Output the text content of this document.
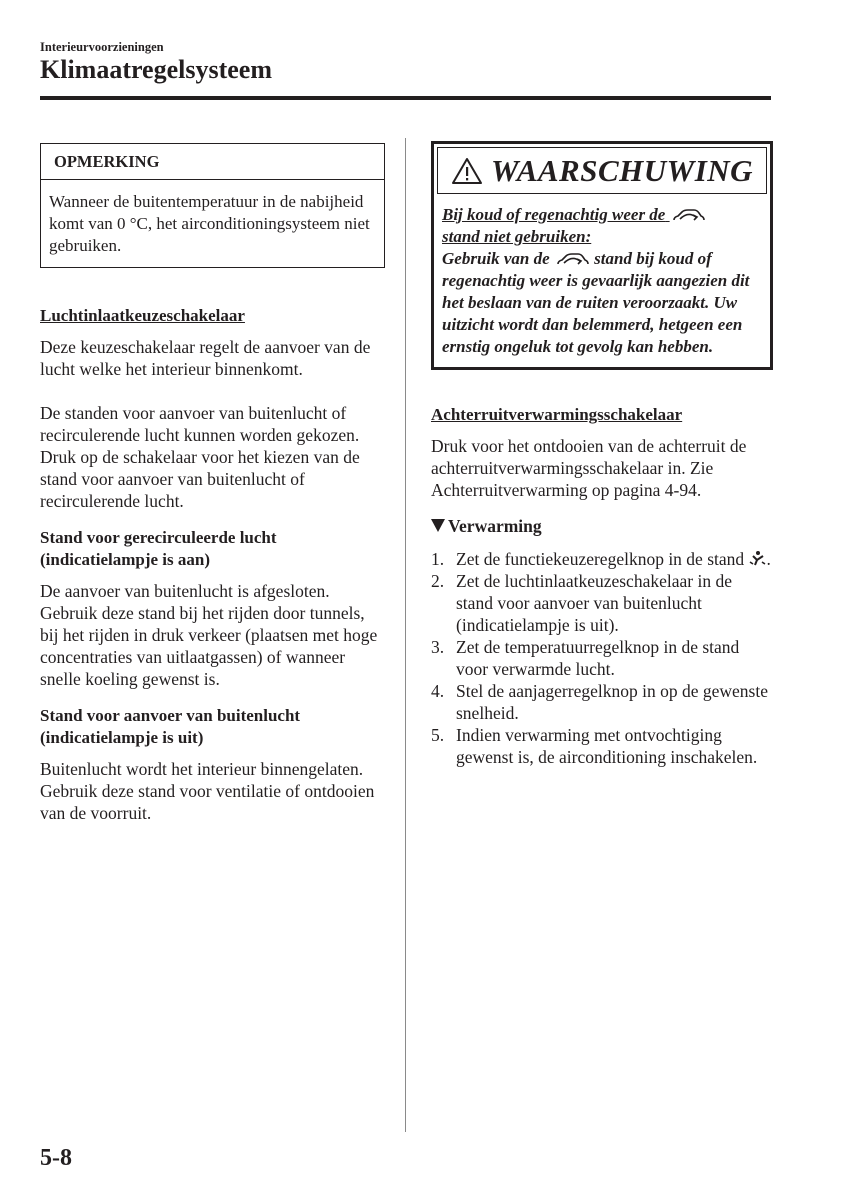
Interieurvoorzieningen
Klimaatregelsysteem
OPMERKING
Wanneer de buitentemperatuur in de nabijheid komt van 0 °C, het airconditioningsysteem niet gebruiken.
Luchtinlaatkeuzeschakelaar

Deze keuzeschakelaar regelt de aanvoer van de lucht welke het interieur binnenkomt.

De standen voor aanvoer van buitenlucht of recirculerende lucht kunnen worden gekozen. Druk op de schakelaar voor het kiezen van de stand voor aanvoer van buitenlucht of recirculerende lucht.

Stand voor gerecirculeerde lucht (indicatielampje is aan)

De aanvoer van buitenlucht is afgesloten. Gebruik deze stand bij het rijden door tunnels, bij het rijden in druk verkeer (plaatsen met hoge concentraties van uitlaatgassen) of wanneer snelle koeling gewenst is.

Stand voor aanvoer van buitenlucht (indicatielampje is uit)

Buitenlucht wordt het interieur binnengelaten. Gebruik deze stand voor ventilatie of ontdooien van de voorruit.

WAARSCHUWING
Bij koud of regenachtig weer de
stand niet gebruiken:
Gebruik van de	stand bij koud of regenachtig weer is gevaarlijk aangezien dit het beslaan van de ruiten veroorzaakt. Uw uitzicht wordt dan belemmerd, hetgeen een ernstig ongeluk tot gevolg kan hebben.
Achterruitverwarmingsschakelaar

Druk voor het ontdooien van de achterruit de achterruitverwarmingsschakelaar in. Zie Achterruitverwarming op pagina 4-94.

Verwarming
1. Zet de functiekeuzeregelknop in de stand .
2. Zet de luchtinlaatkeuzeschakelaar in de stand voor aanvoer van buitenlucht (indicatielampje is uit).
3. Zet de temperatuurregelknop in de stand voor verwarmde lucht.
4. Stel de aanjagerregelknop in op de gewenste snelheid.
5. Indien verwarming met ontvochtiging gewenst is, de airconditioning inschakelen.
5-8
